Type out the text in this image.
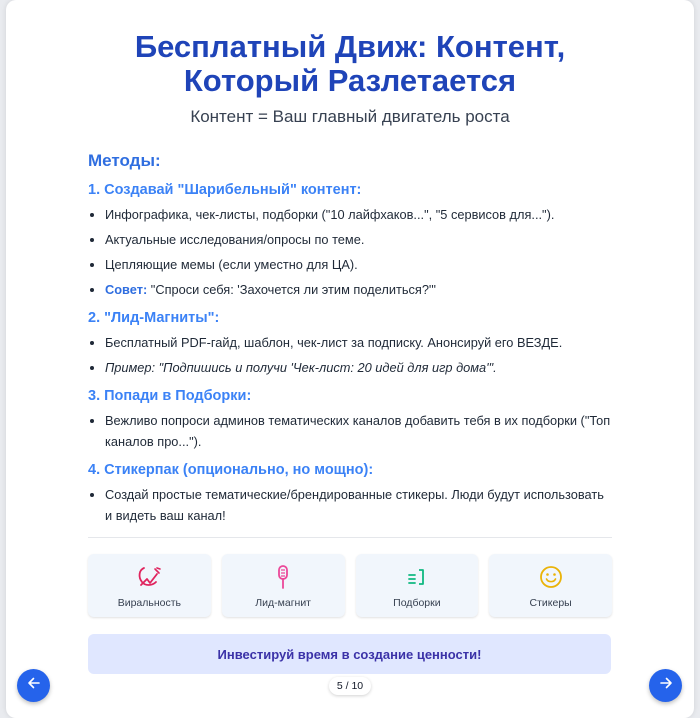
Бесплатный Движ: Контент,
Который Разлетается
Контент = Ваш главный двигатель роста
Методы:
1. Создавай "Шарибельный" контент:
• Инфографика, чек-листы, подборки ("10 лайфхаков...", "5 сервисов для...").
• Актуальные исследования/опросы по теме.
• Цепляющие мемы (если уместно для ЦА).
• Совет: "Спроси себя: 'Захочется ли этим поделиться?'"
2. "Лид-Магниты":
• Бесплатный PDF-гайд, шаблон, чек-лист за подписку. Анонсируй его ВЕЗДЕ.
• Пример: "Подпишись и получи 'Чек-лист: 20 идей для игр дома'".
3. Попади в Подборки:
• Вежливо попроси админов тематических каналов добавить тебя в их подборки ("Топ каналов про...").
4. Стикерпак (опционально, но мощно):
• Создай простые тематические/брендированные стикеры. Люди будут использовать и видеть ваш канал!
Виральность	Лид-магнит	Подборки	Стикеры
Инвестируй время в создание ценности!
5 / 10
